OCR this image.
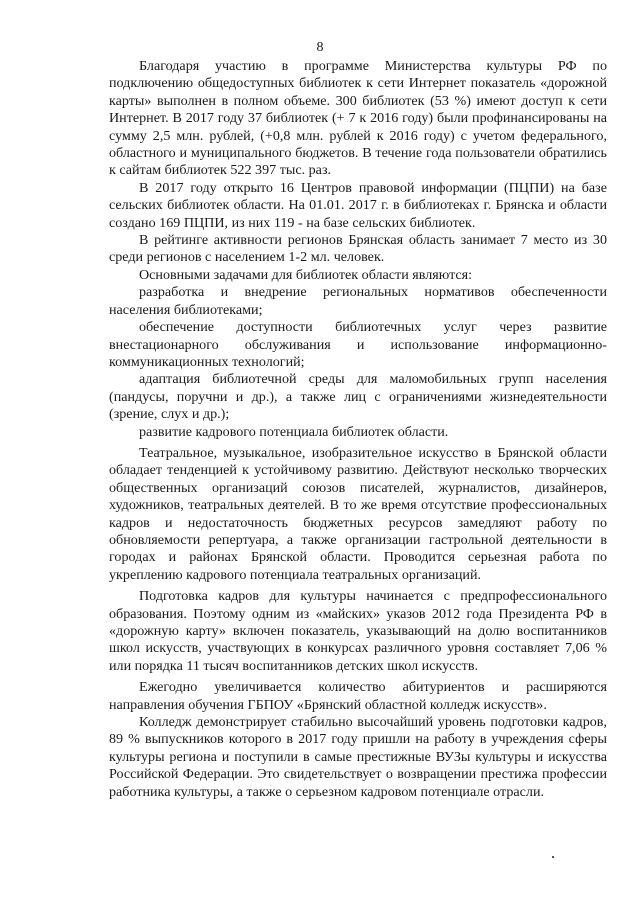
8

Благодаря участию в программе Министерства культуры РФ по подключению общедоступных библиотек к сети Интернет показатель «дорожной карты» выполнен в полном объеме. 300 библиотек (53 %) имеют доступ к сети Интернет. В 2017 году 37 библиотек (+ 7 к 2016 году) были профинансированы на сумму 2,5 млн. рублей, (+0,8 млн. рублей к 2016 году) с учетом федерального, областного и муниципального бюджетов. В течение года пользователи обратились к сайтам библиотек 522 397 тыс. раз.

В 2017 году открыто 16 Центров правовой информации (ПЦПИ) на базе сельских библиотек области. На 01.01. 2017 г. в библиотеках г. Брянска и области создано 169 ПЦПИ, из них 119 - на базе сельских библиотек.

В рейтинге активности регионов Брянская область занимает 7 место из 30 среди регионов с населением 1-2 мл. человек.

Основными задачами для библиотек области являются:

разработка и внедрение региональных нормативов обеспеченности населения библиотеками;

обеспечение доступности библиотечных услуг через развитие внестационарного обслуживания и использование информационно-коммуникационных технологий;

адаптация библиотечной среды для маломобильных групп населения (пандусы, поручни и др.), а также лиц с ограничениями жизнедеятельности (зрение, слух и др.);

развитие кадрового потенциала библиотек области.

Театральное, музыкальное, изобразительное искусство в Брянской области обладает тенденцией к устойчивому развитию. Действуют несколько творческих общественных организаций союзов писателей, журналистов, дизайнеров, художников, театральных деятелей. В то же время отсутствие профессиональных кадров и недостаточность бюджетных ресурсов замедляют работу по обновляемости репертуара, а также организации гастрольной деятельности в городах и районах Брянской области. Проводится серьезная работа по укреплению кадрового потенциала театральных организаций.

Подготовка кадров для культуры начинается с предпрофессионального образования. Поэтому одним из «майских» указов 2012 года Президента РФ в «дорожную карту» включен показатель, указывающий на долю воспитанников школ искусств, участвующих в конкурсах различного уровня составляет 7,06 % или порядка 11 тысяч воспитанников детских школ искусств.

Ежегодно увеличивается количество абитуриентов и расширяются направления обучения ГБПОУ «Брянский областной колледж искусств».

Колледж демонстрирует стабильно высочайший уровень подготовки кадров, 89 % выпускников которого в 2017 году пришли на работу в учреждения сферы культуры региона и поступили в самые престижные ВУЗы культуры и искусства Российской Федерации. Это свидетельствует о возвращении престижа профессии работника культуры, а также о серьезном кадровом потенциале отрасли.
